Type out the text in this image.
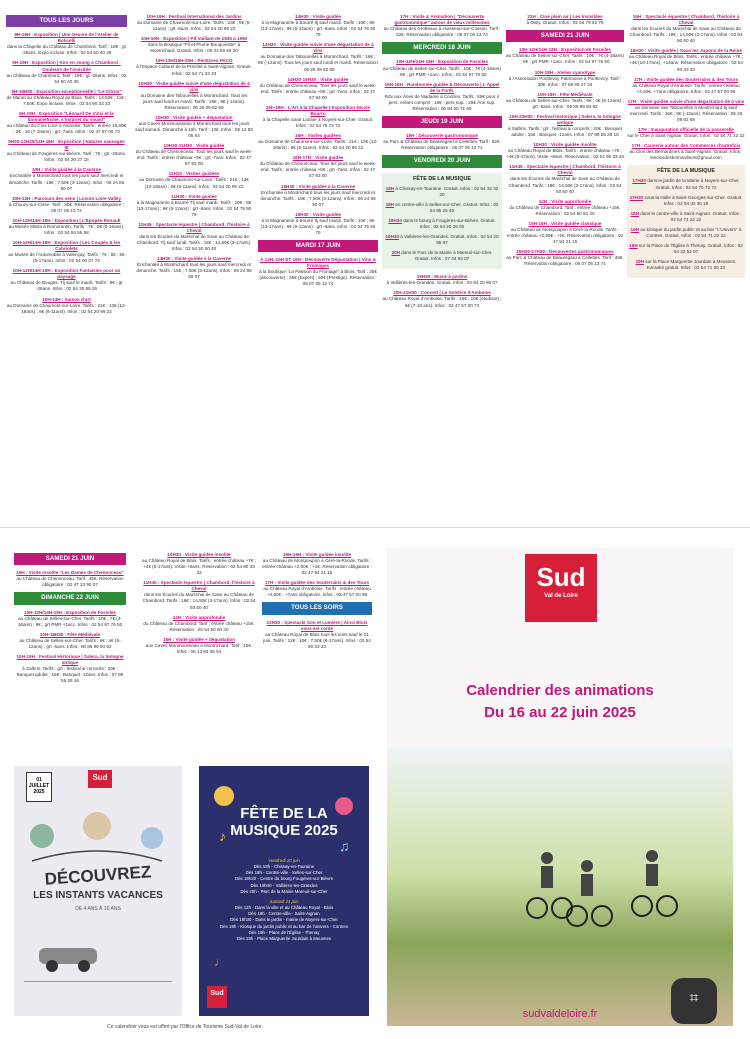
TOUS LES JOURS
9H-18H : Exposition | Une Oeuvre de l'Atelier de Boticelli
dans la Chapelle du Château de Chambord. Tarif : 19€ ; gt -26ans. Expo incluse. Infos : 02 54 50 40 36
9H-18H : Exposition | Kim en Joung à Chambord - Couleurs de l'invisible
au Château de Chambord. Tarif : 19€ ; gt -26ans. Infos : 02 54 50 40 36
9H-18H30 : Exposition exceptionnelle | "Le Citron"
de Manet au Château Royal de Blois. Tarifs : 14,50€ ; 11€ ; 7,50€. Expo incluse. Infos : 02 54 90 33 33
9H-19H : Exposition "Léonard De Vinci et le biomimétisme, s'inspirer du vivant"
au château du Clos Lucé à Amboise. Tarifs : entrée 19,50€ ; 3€ ; 16 (7-18ans) ; grt -7ans. Infos : 02 47 57 00 73
9H30-12H30/14H-18H : Exposition | Natures sauvages III
au Château de Fougères-sur-Bièvre. Tarif : 7€ ; grt -26ans. Infos : 02 54 20 27 18
10H : Visite guidée à la Caverne
Enchantée à Montrichard tous les jours sauf mercredi et dimanche. Tarifs : 15€ ; 7,50€ (3-12ans). Infos : 06 24 88 50 07
10H-12H : Parcours des sens | Loisirs Loire Valley
à Chouzy-sur-Cisse. Tarif : 30€. Réservation obligatoire : 06 07 05 13 74
10H-12H/14H-18H : Exposition | L'Epopée Renault
au Musée Matra à Romorantin. Tarifs : 7€ ; 5€ (8-16ans). Infos : 02 54 94 55 58
10H-12H/14H-18H : Exposition | Les Coupés & les Cabriolets
au Musée de l'Automobile à Valençay. Tarifs : 7€ ; 6€ ; 5€ (5-17ans). Infos : 02 54 00 07 74
10H-12H/14H-18H : Exposition Fantaisies pour un paysage
au Château de Bouges. Tlj sauf le mardi. Tarifs : 9€ ; gt -26ans. Infos : 02 54 35 88 26
10H-13H : Saison d'art
au Domaine de Chaumont-sur-Loire. Tarifs : 21€ ; 13€ (12-18ans) ; 6€ (6-11ans). Infos : 02 54 20 99 22
10H-19H : Festival International des Jardins
au Domaine de Chaumont-sur-Loire. Tarifs : 23€ ; 6€ (6-11ans) ; grt -6ans. Infos : 02 54 20 99 22
10H-19H : Exposition | Pif Vaillant de 1945 à 1990
dans la Boutique "Fil et Plume Bouquiniste" à Montrichard. Gratuit. Infos : 06 33 68 66 20
10H-13H/15H-20H : Peintures PACO
à l'Espace Culturel de la Prévôté à Saint-Aignan. Gratuit. Infos : 02 54 71 22 23
10H30 : Visite guidée suivie d'une dégustation de 4 vins
au Domaine des Tabourelles à Montrichard. Tous les jours sauf lundi et mardi. Tarifs : 16€ ; 8€ (-12ans). Réservation : 06 26 09 82 69
10H30 : Visite guidée + dégustation
aux Caves Monmousseau à Montrichard tous les jours sauf samedi. Dimanche à 15h. Tarif : 10€. Infos : 06 13 93 05 64
10H30-11H30 : Visite guidée
du Château de Chenonceau. Tous les jours sauf le week-end. Tarifs : entrée château +5€ ; grt -7ans. Infos : 02 47 57 93 00
11H15 : Visites guidées
au Domaine de Chaumont-sur-Loire. Tarifs : 21€ ; 13€ (12-18ans) ; 6€ (6-11ans). Infos : 02 54 20 99 22
11H30 : Visite guidée
à la Magnanerie à Bourré Tlj sauf mardi. Tarifs : 10€ ; 8€ (13-17ans) ; 6€ (6-12ans) ; grt -6ans. Infos : 02 54 75 50 79
11H45 : Spectacle équestre | Chambord, l'histoire à Cheval
dans les Écuries du Maréchal de Saxe au Château de Chambord. Tlj sauf lundi. Tarifs : 18€ ; 14,50€ (3-17ans). Infos : 02 54 50 50 40
14H30 : Visite guidée à la Caverne
Enchantée à Montrichard tous les jours sauf mercredi et dimanche. Tarifs : 15€ ; 7,50€ (3-12ans). Infos : 06 24 88 50 07
14H30 : Visite guidée
à la Magnanerie à Bourré tlj sauf mardi. Tarifs : 10€ ; 8€ (13-17ans) ; 6€ (6-12ans) ; grt -6ans. Infos : 02 54 75 50 79
14H30 : Visite guidée suivie d'une dégustation de 4 vins
au Domaine des Tabourelles à Montrichard. Tarifs : 16€ ; 8€ (-12ans). Tous les jours sauf lundi et mardi. Réservation : 06 26 09 82 69
14H30-15H30 : Visite guidée
du Château de Chenonceau. Tous les jours sauf le week-end. Tarifs : entrée château +5€ ; grt -7ans. Infos : 02 47 57 93 00
15h-19H : L'Art à la Chapelle | Exposition Nicole Bourru
à la Chapelle Saint Lazare à Noyers-sur-Cher. Gratuit. Infos : 02 54 75 72 72
16H : Visites guidées
au Domaine de Chaumont-sur-Loire. Tarifs : 21€ ; 13€ (12-18ans) ; 6€ (6-11ans). Infos : 02 54 20 99 22
16H-17H : Visite guidée
du Château de Chenonceau. Tous les jours sauf le week-end. Tarifs : entrée château +5€ ; grt -7ans. Infos : 02 47 57 93 00
16H30 : Visite guidée à la Caverne
Enchantée à Montrichard tous les jours sauf mercredi et dimanche. Tarifs : 15€ ; 7,50€ (3-12ans). Infos : 06 24 88 50 07
16H30 : Visite guidée
à la Magnanerie à Bourré tlj sauf mardi. Tarifs : 10€ ; 8€ (13-17ans) ; 6€ (6-12ans) ; grt -6ans. Infos : 02 54 75 50 79
MARDI 17 JUIN
À 14H, 15H ET 16H : Découverte Dégustation | Vins & Fromages
à la Boutique "La Passion du Fromage" à Blois. Tarif : 25€ (découverte) ; 35€ (Expert) ; 50€ (Prestige). Réservation : 06 07 05 13 74
17H : Visite & Animation | "Découverte gastronomique" autour de vieux millésimes
au Château des Grotteaux à Huisseau-sur-Cosson. Tarif : 52€. Réservation obligatoire : 06 07 05 13 74
MERCREDI 18 JUIN
10H-12H/14H-18H : Exposition de Fossiles
au Château de Selles-sur-Cher. Tarifs : 10€ ; 7€ (4-16ans) ; 8€ ; grt PMR +1acc. Infos : 02 54 97 76 50
16H-18H : Randonnée guidée & Découverte | L'Appel de la Forêt.
Rdv aux Ânes de Madame à Contres. Tarifs : 65€ pour 4 pers. enfant compris ; 15€ : pers sup. ; 25€ Âne sup. Réservation : 06 84 25 71 69
JEUDI 19 JUIN
18H : Découverte gastronomique
au Parc & Château de Beauregard à Cellettes. Tarif : 52€. Réservation obligatoire : 06 07 05 13 74
VENDREDI 20 JUIN
FÊTE DE LA MUSIQUE
18H à Chissay-en-Touraine. Gratuit. Infos : 02 54 32 32 20
18H en centre-ville à Selles-sur-Cher. Gratuit. Infos : 02 54 95 25 40
18H30 dans le bourg à Fougères-sur-Bièvre. Gratuit. Infos : 02 54 20 26 50
19H30 à Vallières-les-Grandes. Gratuit. Infos : 02 54 20 95 07
20H dans le Parc de la Mairie à Mareuil-sur-Cher. Gratuit. Infos : 07 44 93 07
19H30 : Music'à jardins
à Vallières-les-Grandes. Gratuit. Infos : 02 54 20 95 07
20H-21H30 : Concert | Le Solstice d'Amboise
au Château Royal d'Amboise. Tarifs : 15€ ; 10€ (étudiant) ; 5€ (7-18 ans). Infos : 02 47 57 00 73
22H : Ciné plein air | Les Invisibles
à Oisly. Gratuit. Infos : 02 54 79 52 79
SAMEDI 21 JUIN
10H-12H/14H-18H : Exposition de Fossiles
au Château de Selles-sur-Cher. Tarifs : 10€ ; 7€ (4-16ans) ; 8€ ; grt PMR +1acc. Infos : 02 54 97 76 50
10H-18H : Atelier cyanotype
à l'Association Pontlevoy Patrimoine à Pontlevoy. Tarif : 30€. Infos : 07 68 95 47 34
10H-18H : Fête Médiévale
au Château de Selles-sur-Cher. Tarifs : 6€ ; 4€ (6-12ans) ; grt -6ans. Infos : 06 85 99 94 92
10H-23H30 : Festival historique | Salera, la Sologne antique
à Salbris. Tarifs : grt : festival & concerts ; 20€ : Banquet adulte ; 15€ : Banquet -12ans. Infos : 07 89 55 28 16
10H30 : Visite guidée insolite
au Château Royal de Blois. Tarifs : entrée château +7€ ; +4€ (8-17ans). Visite +8ans. Réservation : 02 54 90 33 33
11H45 : Spectacle équestre | Chambord, l'histoire à Cheval
dans les Écuries du Maréchal de Saxe au Château de Chambord. Tarifs : 18€ ; 14,50€ (3-17ans). Infos : 02 54 50 50 40
14H : Visite approfondie
du Château de Chambord. Tarif : entrée château +15€. Réservation : 02 54 50 50 40
15H-16H : Visite guidée classique
au Château de Montpoupon à Céré-la-Ronde. Tarifs : entrée château +2,50€ ; +1€. Réservation obligatoire : 02 47 94 21 15
15H30-17H30 : Découvertes gastronomiques
au Parc & Château de Beauregard à Cellettes. Tarif : 46€. Réservation obligatoire : 06 07 05 13 74
16H : Spectacle équestre | Chambord, l'histoire à Cheval
dans les Écuries du Maréchal de Saxe au Château de Chambord. Tarifs : 18€ ; 14,50€ (3-17ans). Infos : 02 54 50 50 40
16H30 : Visite guidée | Sous les Jupons de la Reine
au Château Royal de Blois. Tarifs : entrée château +7€ ; +4€ (16-17ans). +14ans. Réservation obligatoire : 02 54 90 33 33
17H : Visite guidée des Souterrains & des Tours
au Château Royal d'Amboise. Tarifs : entrée château +4,50€. +7ans obligatoire. Infos : 02 47 57 00 98
17H : Visite guidée suivie d'une dégustation de 4 vins
au Domaine des Tabourelles à Montrichard tlj sauf mercredi. Tarifs : 16€ ; 8€ (-12ans). Réservation : 06 26 09 82 69
17H : Inauguration officielle de la passerelle
sur le Cher à Saint-Aignan. Gratuit. Infos : 02 54 71 22 22
17H : Causerie autour des Commerces d'autrefois
au Clos des Bernardines à Saint-Aignan. Gratuit. Infos : lesclosdesbernardines@gmail.com
FÊTE DE LA MUSIQUE
17H30 dans le jardin de la Mairie à Noyers-sur-Cher. Gratuit. Infos : 02 54 75 72 72
17H30 sous la Halle à Saint-Georges-sur-Cher. Gratuit. Infos : 02 54 32 30 19
18H dans le centre-ville à Saint-Aignan. Gratuit. Infos : 02 54 71 22 22
19H au kiosque du jardin public et au bar "L'Univers" à Contres. Gratuit. Infos : 02 54 71 22 22
19H sur la Place de l'Église à Thenay. Gratuit. Infos : 02 54 32 52 07
19H sur la Place Marguerite Jourdain à Meusnes. Karaoké gratuit. Infos : 02 54 71 00 23
SAMEDI 21 JUIN
19H : Visite insolite "Les Dames de Chenonceau"
au Château de Chenonceau. Tarif : 45€. Réservation obligatoire : 02 47 23 90 07
DIMANCHE 22 JUIN
10H-12H/14H-18H : Exposition de Fossiles
au Château de Selles-sur-Cher. Tarifs : 10€ ; 7€ (4-16ans) ; 8€ ; grt PMR +1acc. Infos : 02 54 97 76 50
10H-18H30 : Fête Médiévale
au Château de Selles-sur-Cher. Tarifs : 6€ ; 4€ (6-12ans) ; grt -6ans. Infos : 06 85 99 94 92
10H-19H : Festival Historique | Salera, la Sologne antique
à Salbris. Tarifs : grt : festival & concerts ; 20€ : Banquet adulte ; 15€ : Banquet -12ans. Infos : 07 89 55 28 16
10H30 : Visite guidée insolite
au Château Royal de Blois. Tarifs : entrée château +7€ ; +4€ (8-17ans). Visite +8ans. Réservation : 02 54 90 33 33
11H45 : Spectacle équestre | Chambord, l'histoire à Cheval
dans les Écuries du Maréchal de Saxe au Château de Chambord. Tarifs : 18€ ; 14,50€ (3-17ans). Infos : 02 54 50 50 40
14H : Visite approfondie
du Château de Chambord. Tarif : entrée château +15€. Réservation : 02 54 50 50 40
15H : Visite guidée + dégustation
aux Caves Monmousseau à Montrichard. Tarif : 10€. Infos : 06 13 93 05 64
15H-16H : Visite guidée insolite
au Château de Montpoupon à Céré-la-Ronde. Tarifs : entrée château +2,50€ ; +1€. Réservation obligatoire : 02 47 94 21 15
17H : Visite guidée des Souterrains & des Tours
au Château Royal d'Amboise. Tarifs : entrée château +4,50€ ; +7ans obligatoire. Infos : 02 47 57 00 98
TOUS LES SOIRS
22H30 : Spectacle Son et Lumière | Ainsi Blois vous est conté
au Château Royal de Blois tous les soirs sauf le 21 juin. Tarifs : 12€ ; 10€ ; 7,50€ (6-17ans). Infos : 02 54 90 33 33
01 JUILLET 2025
Sud
DÉCOUVREZ
LES INSTANTS VACANCES
DE 4 ANS À 10 ANS
♪
♫
♩
FÊTE DE LA MUSIQUE 2025
Vendredi 20 juin
Dès 18h - Chissay-en-Touraine
Dès 18h - Centre-ville - Selles-sur-Cher
Dès 18h30 - Centre du bourg Fougères-sur-Bièvre
Dès 19h30 - Vallières-les-Grandes
Dès 20h - Parc de la Mairie Mareuil-sur-Cher
Samedi 21 juin
Dès 12h - Dans la ville et au Château Royal - Blois
Dès 18h - Centre-ville - Saint-Aignan
Dès 18h30 - Dans le jardin - mairie de Noyers-sur-Cher
Dès 19h - Kiosque du jardin public et au bar de l'univers - Contres
Dès 19h - Place de l'Église - Thenay
Dès 19h - Place Marguerite Jourdain à Meusnes
Sud
Sud
Val de Loire
Calendrier des animations
Du 16 au 22 juin 2025
sudvaldeloire.fr
⌗
Ce calendrier vous est offert par l'Office de Tourisme Sud-Val de Loire.
